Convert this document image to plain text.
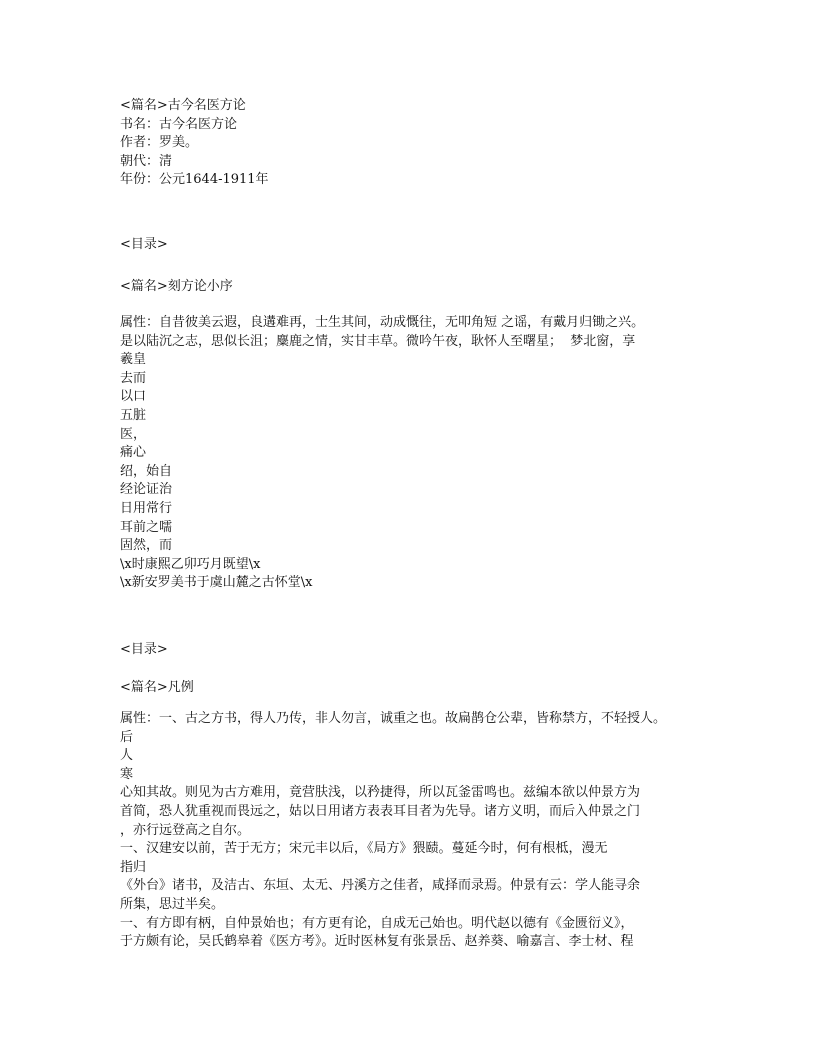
<篇名>古今名医方论
书名：古今名医方论
作者：罗美。
朝代：清
年份：公元1644-1911年
<目录>
<篇名>刻方论小序
属性：自昔彼美云遐，良遘难再，士生其间，动成慨往，无叩角短 之谣，有戴月归锄之兴。
是以陆沉之志，思似长沮；麋鹿之情，实甘丰草。微吟午夜，耿怀人至曙星；  梦北窗，享
羲皇
去而
以口
五脏
医，
痛心
绍，始自
经论证治
日用常行
耳前之嚅
固然，而
\x时康熙乙卯巧月既望\x
\x新安罗美书于虞山麓之古怀堂\x
<目录>
<篇名>凡例
属性：一、古之方书，得人乃传，非人勿言，诚重之也。故扁鹊仓公辈，皆称禁方，不轻授人。
后
人
寒
心知其故。则见为古方难用，竟营肤浅，以矜捷得，所以瓦釜雷鸣也。兹编本欲以仲景方为
首简，恐人犹重视而畏远之，姑以日用诸方表表耳目者为先导。诸方义明，而后入仲景之门
，亦行远登高之自尔。
一、汉建安以前，苦于无方；宋元丰以后，《局方》猥赜。蔓延今时，何有根柢，漫无
指归
《外台》诸书，及洁古、东垣、太无、丹溪方之佳者，咸择而录焉。仲景有云：学人能寻余
所集，思过半矣。
一、有方即有柄，自仲景始也；有方更有论，自成无己始也。明代赵以德有《金匮衍义》，
于方颇有论，吴氏鹤皋着《医方考》。近时医林复有张景岳、赵养葵、喻嘉言、李士材、程
